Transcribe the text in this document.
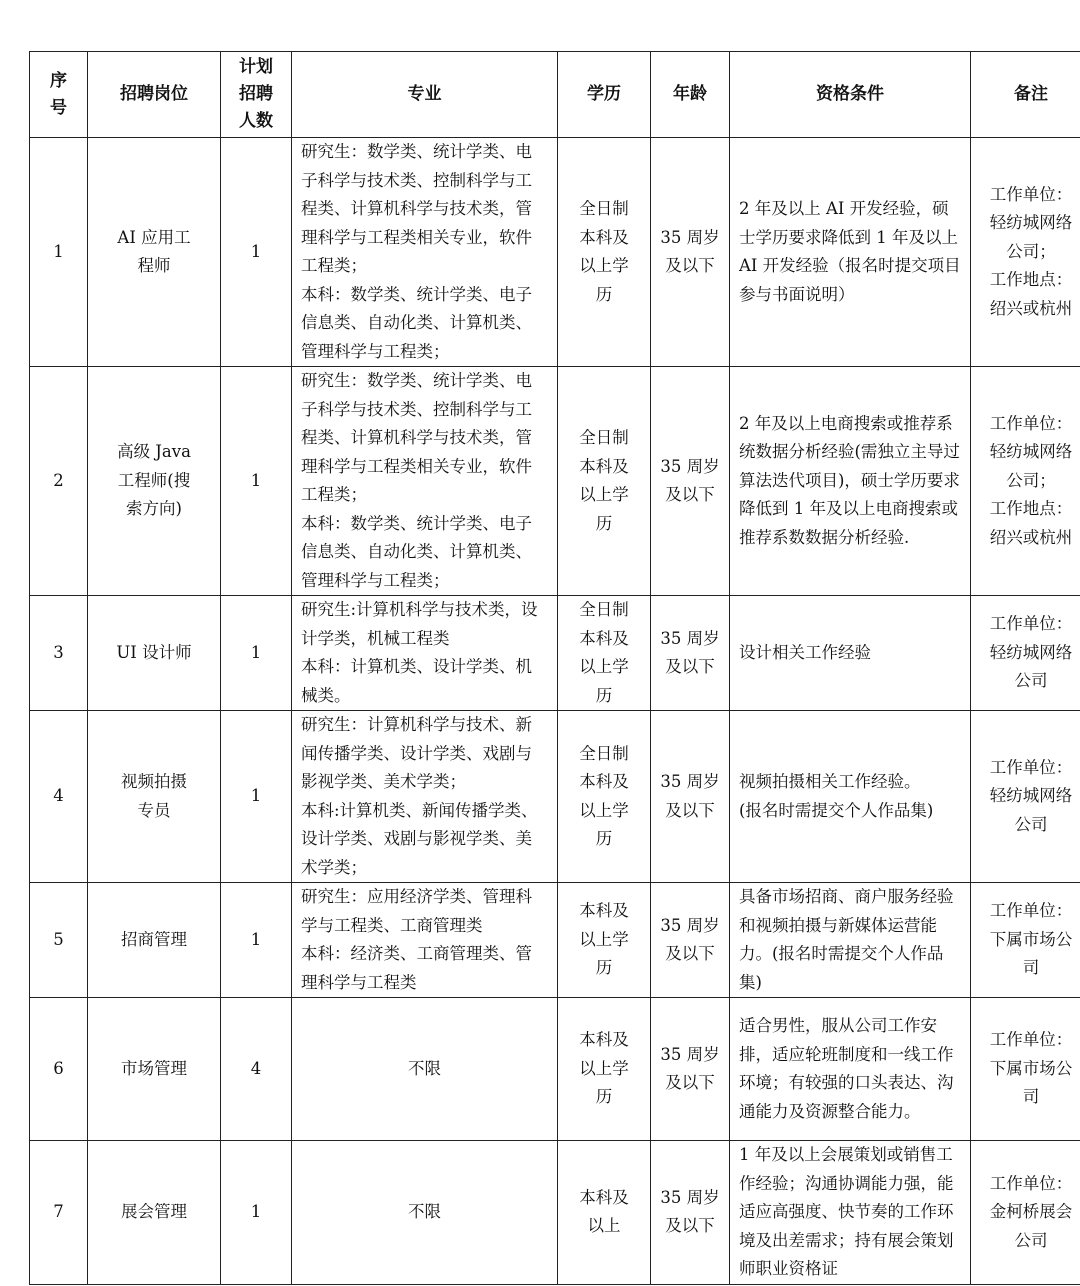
序
号	招聘岗位	计划
招聘
人数	专业	学历	年龄	资格条件	备注
1	AI 应用工
程师	1	研究生：数学类、统计学类、电子科学与技术类、控制科学与工程类、计算机科学与技术类，管理科学与工程类相关专业，软件工程类；
本科：数学类、统计学类、电子信息类、自动化类、计算机类、管理科学与工程类；	全日制
本科及
以上学
历	35 周岁
及以下	2 年及以上 AI 开发经验，硕士学历要求降低到 1 年及以上 AI 开发经验（报名时提交项目参与书面说明）	工作单位：
轻纺城网络
公司；
工作地点：
绍兴或杭州
2	高级 Java
工程师(搜
索方向)	1	研究生：数学类、统计学类、电子科学与技术类、控制科学与工程类、计算机科学与技术类，管理科学与工程类相关专业，软件工程类；
本科：数学类、统计学类、电子信息类、自动化类、计算机类、管理科学与工程类；	全日制
本科及
以上学
历	35 周岁
及以下	2 年及以上电商搜索或推荐系统数据分析经验(需独立主导过算法迭代项目)，硕士学历要求降低到 1 年及以上电商搜索或推荐系数数据分析经验.	工作单位：
轻纺城网络
公司；
工作地点：
绍兴或杭州
3	UI 设计师	1	研究生:计算机科学与技术类，设计学类，机械工程类
本科：计算机类、设计学类、机械类。	全日制
本科及
以上学
历	35 周岁
及以下	设计相关工作经验	工作单位：
轻纺城网络
公司
4	视频拍摄
专员	1	研究生：计算机科学与技术、新闻传播学类、设计学类、戏剧与影视学类、美术学类；
本科:计算机类、新闻传播学类、设计学类、戏剧与影视学类、美术学类；	全日制
本科及
以上学
历	35 周岁
及以下	视频拍摄相关工作经验。
(报名时需提交个人作品集)	工作单位：
轻纺城网络
公司
5	招商管理	1	研究生：应用经济学类、管理科学与工程类、工商管理类
本科：经济类、工商管理类、管理科学与工程类	本科及
以上学
历	35 周岁
及以下	具备市场招商、商户服务经验和视频拍摄与新媒体运营能力。(报名时需提交个人作品集)	工作单位：
下属市场公
司
6	市场管理	4	不限	本科及
以上学
历	35 周岁
及以下	适合男性，服从公司工作安排，适应轮班制度和一线工作环境；有较强的口头表达、沟通能力及资源整合能力。	工作单位：
下属市场公
司
7	展会管理	1	不限	本科及
以上	35 周岁
及以下	1 年及以上会展策划或销售工作经验；沟通协调能力强，能适应高强度、快节奏的工作环境及出差需求；持有展会策划师职业资格证	工作单位：
金柯桥展会
公司
